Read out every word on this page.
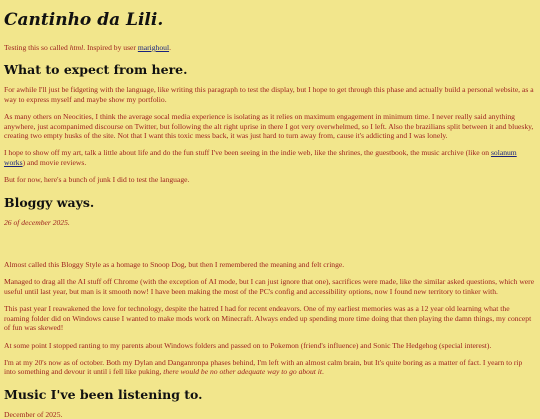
Cantinho da Lili.

Testing this so called html. Inspired by user marighoul.

What to expect from here.

For awhile I'll just be fidgeting with the language, like writing this paragraph to test the display, but I hope to get through this phase and actually build a personal website, as a way to express myself and maybe show my portfolio.

As many others on Neocities, I think the average socal media experience is isolating as it relies on maximum engagement in minimum time. I never really said anything anywhere, just acompanimed discourse on Twitter, but following the alt right uprise in there I got very overwhelmed, so I left. Also the brazilians split between it and bluesky, creating two empty husks of the site. Not that I want this toxic mess back, it was just hard to turn away from, cause it's addicting and I was lonely.

I hope to show off my art, talk a little about life and do the fun stuff I've been seeing in the indie web, like the shrines, the guestbook, the music archive (like on solanum works) and movie reviews.

But for now, here's a bunch of junk I did to test the language.

Bloggy ways.

26 of december 2025.

Almost called this Bloggy Style as a homage to Snoop Dog, but then I remembered the meaning and felt cringe.

Managed to drag all the AI stuff off Chrome (with the exception of AI mode, but I can just ignore that one), sacrifices were made, like the similar asked questions, which were useful until last year, but man is it smooth now! I have been making the most of the PC's config and accessibility options, now I found new territory to tinker with.

This past year I reawakened the love for technology, despite the hatred I had for recent endeavors. One of my earliest memories was as a 12 year old learning what the roaming folder did on Windows cause I wanted to make mods work on Minecraft. Always ended up spending more time doing that then playing the damn things, my concept of fun was skewed!

At some point I stopped ranting to my parents about Windows folders and passed on to Pokemon (friend's influence) and Sonic The Hedgehog (special interest).

I'm at my 20's now as of october. Both my Dylan and Danganronpa phases behind, I'm left with an almost calm brain, but It's quite boring as a matter of fact. I yearn to rip into something and devour it until i fell like puking, there would be no other adequate way to go about it.

Music I've been listening to.

December of 2025.
